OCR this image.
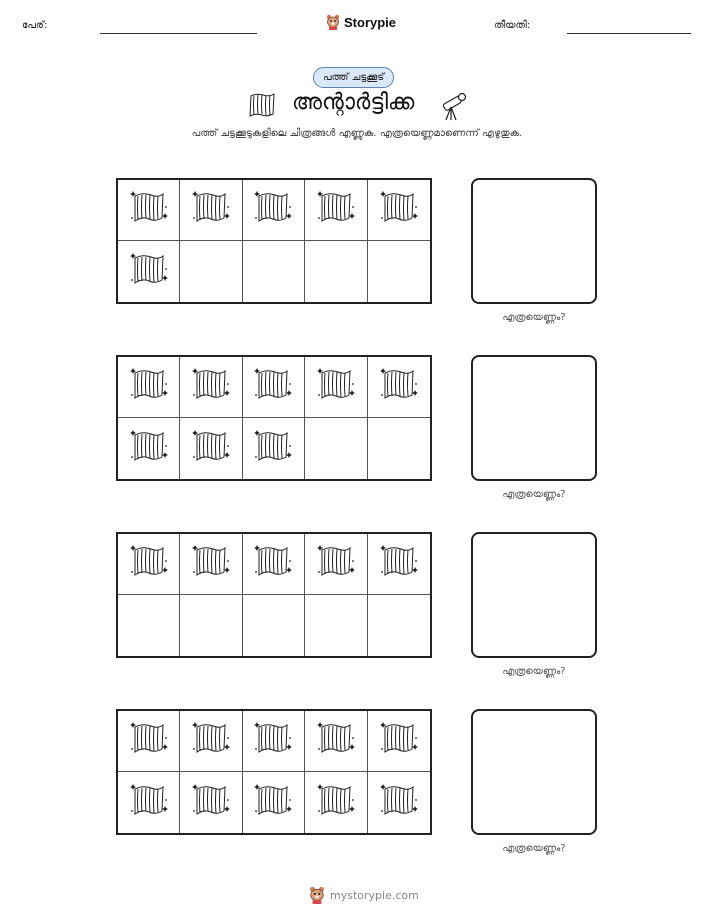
പേര്:	Storypie	തീയതി:
പത്ത് ചട്ടക്കൂട്
അന്റാർട്ടിക്ക
പത്ത് ചട്ടക്കൂടുകളിലെ ചിത്രങ്ങൾ എണ്ണുക. എത്രയെണ്ണമാണെന്ന് എഴുതുക.
എത്രയെണ്ണം?
എത്രയെണ്ണം?
എത്രയെണ്ണം?
എത്രയെണ്ണം?
mystorypie.com
